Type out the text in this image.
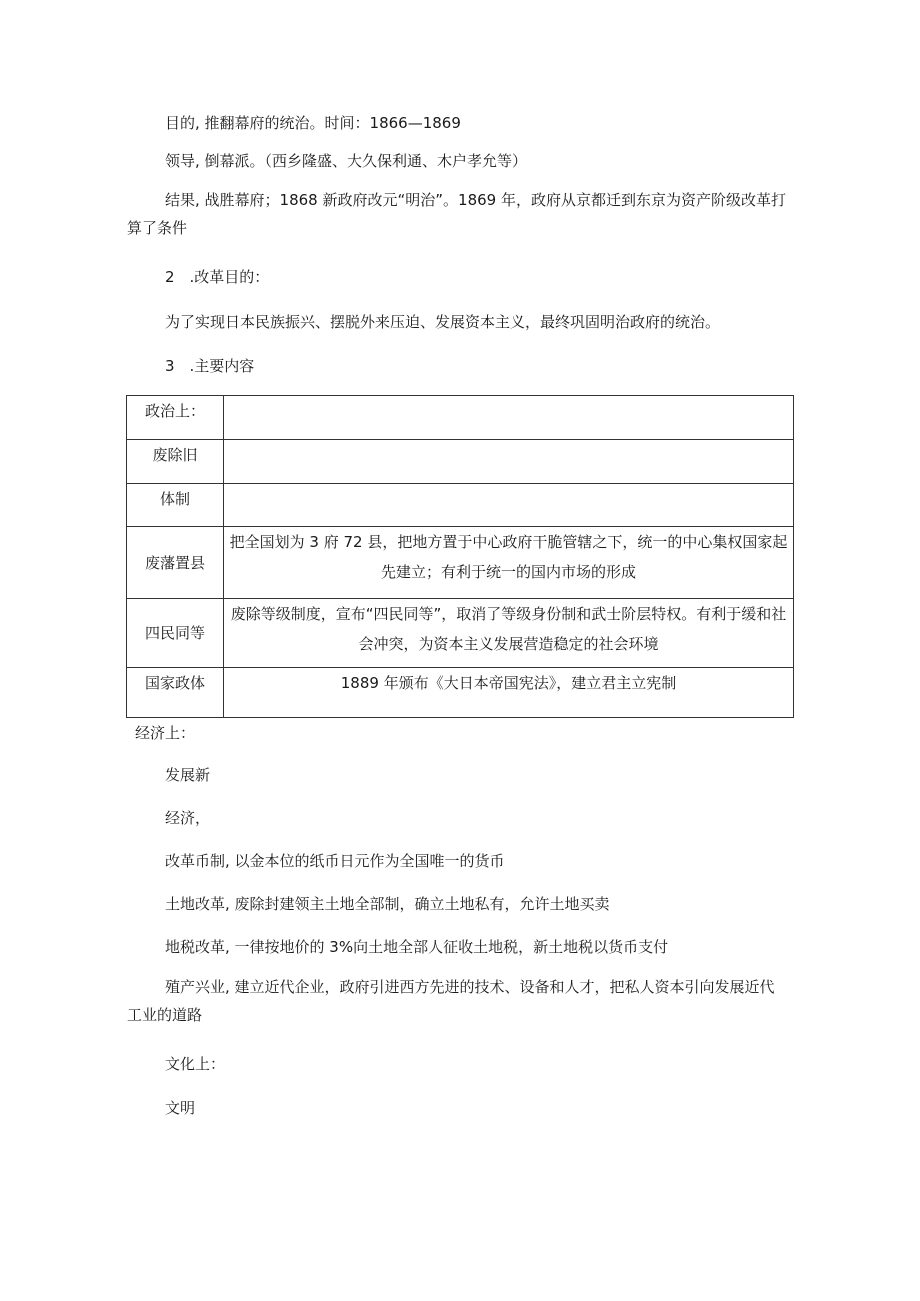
目的, 推翻幕府的统治。时间：1866—1869
领导, 倒幕派。（西乡隆盛、大久保利通、木户孝允等）
结果, 战胜幕府；1868 新政府改元“明治”。1869 年，政府从京都迁到东京为资产阶级改革打算了条件
2　.改革目的：
为了实现日本民族振兴、摆脱外来压迫、发展资本主义，最终巩固明治政府的统治。
3　.主要内容
政治上：	
废除旧	
体制	
废藩置县	把全国划为 3 府 72 县，把地方置于中心政府干脆管辖之下，统一的中心集权国家起先建立；有利于统一的国内市场的形成
四民同等	废除等级制度，宣布“四民同等”，取消了等级身份制和武士阶层特权。有利于缓和社会冲突，为资本主义发展营造稳定的社会环境
国家政体	1889 年颁布《大日本帝国宪法》，建立君主立宪制
经济上：
发展新
经济，
改革币制, 以金本位的纸币日元作为全国唯一的货币
土地改革, 废除封建领主土地全部制，确立土地私有，允许土地买卖
地税改革, 一律按地价的 3%向土地全部人征收土地税，新土地税以货币支付
殖产兴业, 建立近代企业，政府引进西方先进的技术、设备和人才，把私人资本引向发展近代工业的道路
文化上：
文明
